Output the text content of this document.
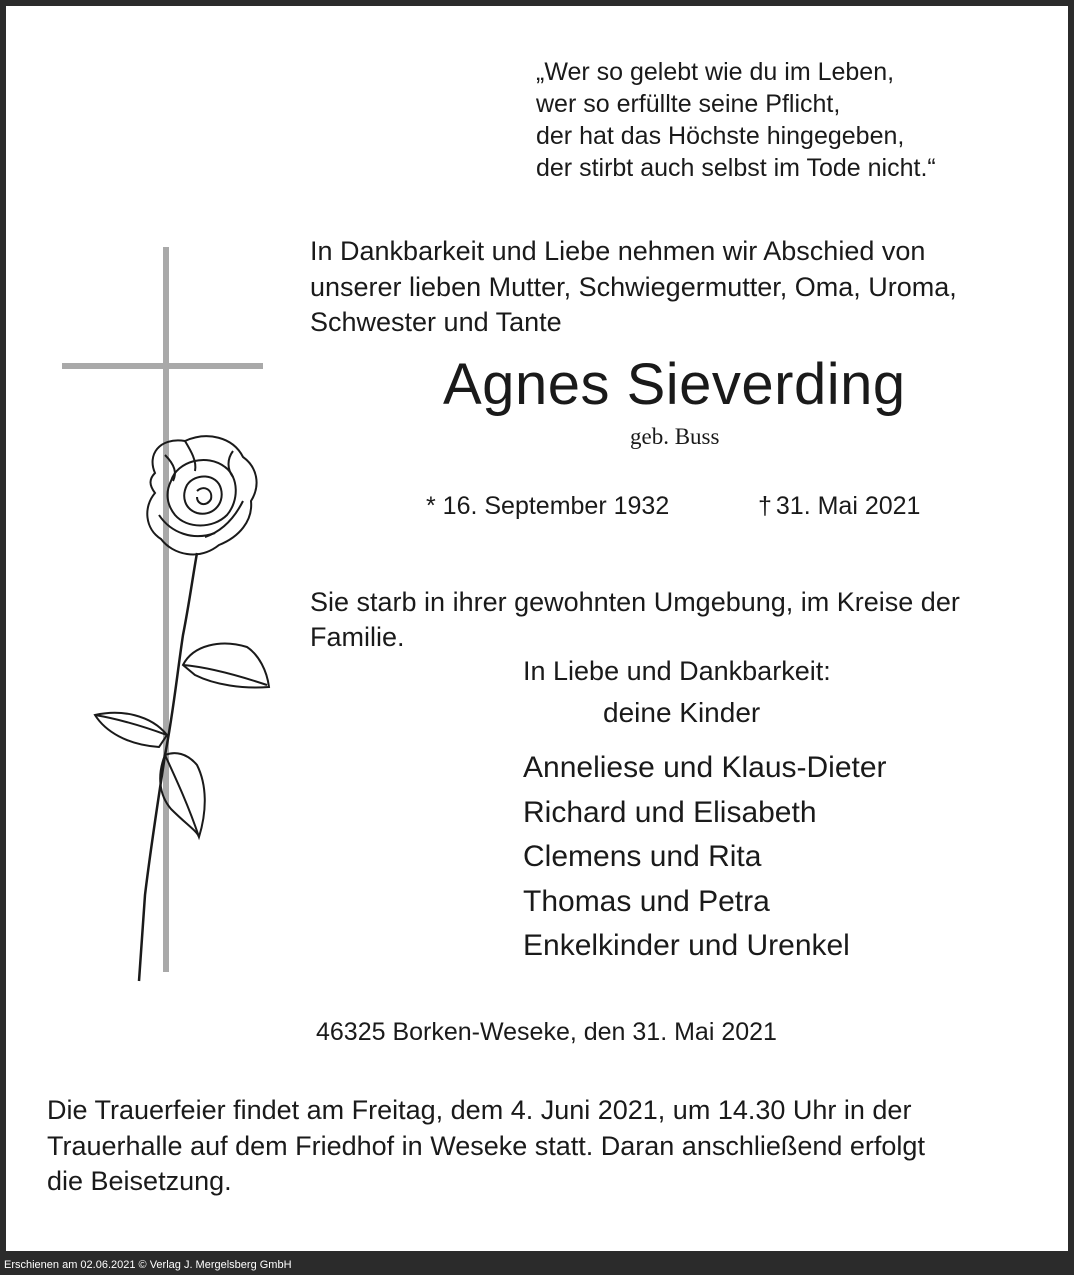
„Wer so gelebt wie du im Leben,
wer so erfüllte seine Pflicht,
der hat das Höchste hingegeben,
der stirbt auch selbst im Tode nicht.“
In Dankbarkeit und Liebe nehmen wir Abschied von
unserer lieben Mutter, Schwiegermutter, Oma, Uroma,
Schwester und Tante
Agnes Sieverding
geb. Buss
* 16. September 1932	† 31. Mai 2021
Sie starb in ihrer gewohnten Umgebung, im Kreise der
Familie.
In Liebe und Dankbarkeit:
deine Kinder
Anneliese und Klaus-Dieter
Richard und Elisabeth
Clemens und Rita
Thomas und Petra
Enkelkinder und Urenkel
46325 Borken-Weseke, den 31. Mai 2021
Die Trauerfeier findet am Freitag, dem 4. Juni 2021, um 14.30 Uhr in der
Trauerhalle auf dem Friedhof in Weseke statt. Daran anschließend erfolgt
die Beisetzung.
Erschienen am 02.06.2021 © Verlag J. Mergelsberg GmbH
